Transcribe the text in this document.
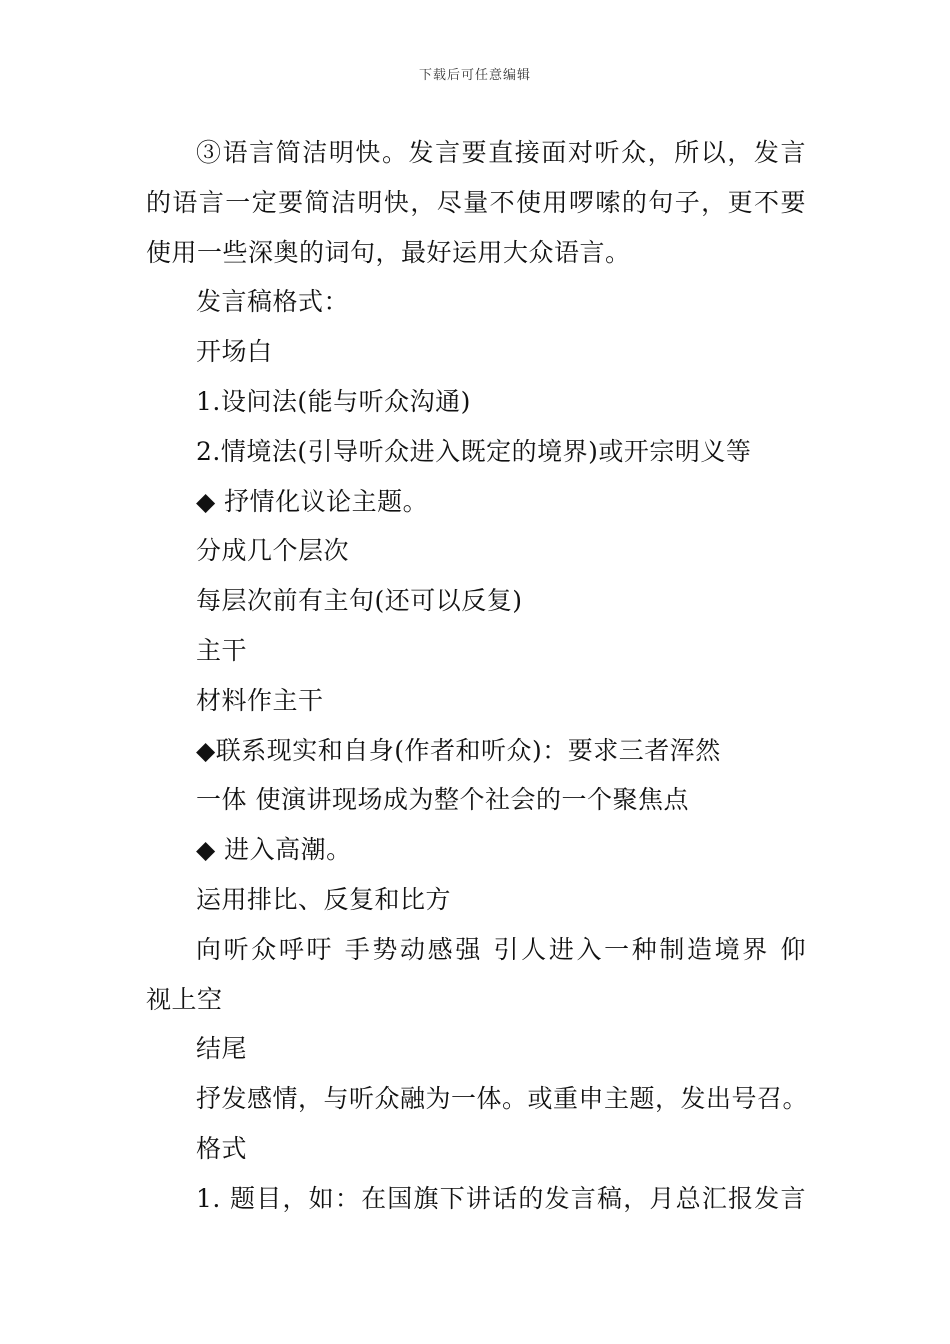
下载后可任意编辑
③语言简洁明快。发言要直接面对听众，所以，发言
的语言一定要简洁明快，尽量不使用啰嗦的句子，更不要
使用一些深奥的词句，最好运用大众语言。
发言稿格式：
开场白
1.设问法(能与听众沟通)
2.情境法(引导听众进入既定的境界)或开宗明义等
◆ 抒情化议论主题。
分成几个层次
每层次前有主句(还可以反复)
主干
材料作主干
◆联系现实和自身(作者和听众)：要求三者浑然
一体 使演讲现场成为整个社会的一个聚焦点
◆ 进入高潮。
运用排比、反复和比方
向听众呼吁 手势动感强 引人进入一种制造境界 仰
视上空
结尾
抒发感情，与听众融为一体。或重申主题，发出号召。
格式
1. 题目，如：在国旗下讲话的发言稿，月总汇报发言
